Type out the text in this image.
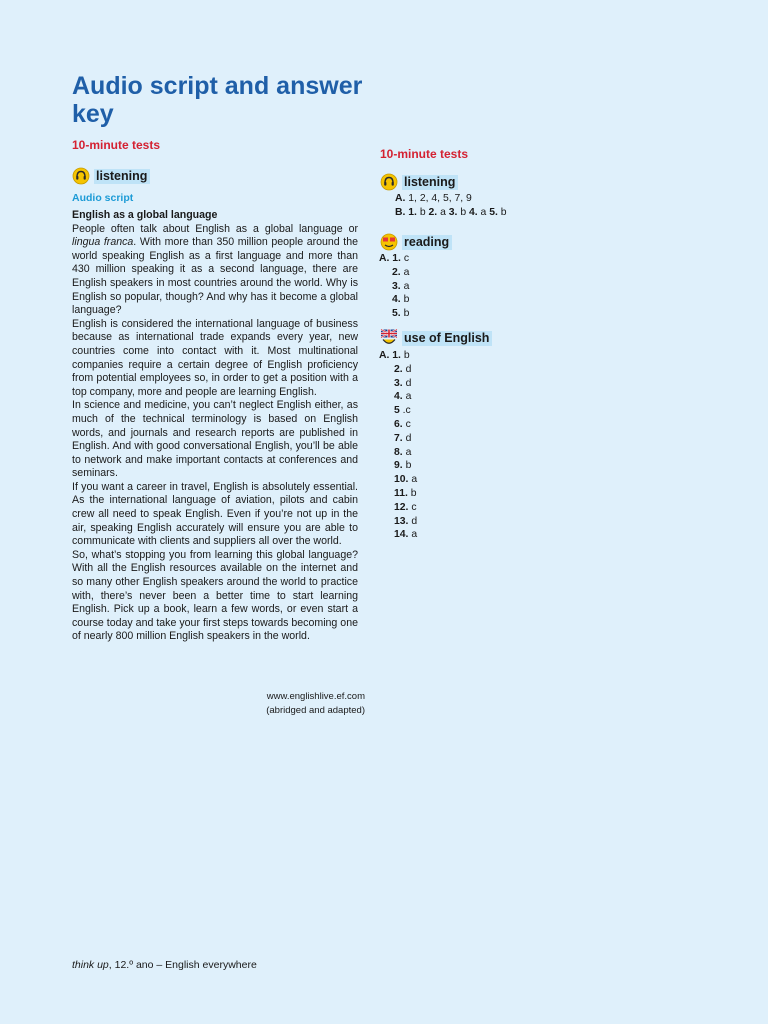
Audio script and answer key
10-minute tests
listening
Audio script

English as a global language

People often talk about English as a global language or lingua franca. With more than 350 million people around the world speaking English as a first language and more than 430 million speaking it as a second language, there are English speakers in most countries around the world. Why is English so popular, though? And why has it become a global language?

English is considered the international language of business because as international trade expands every year, new countries come into contact with it. Most multinational companies require a certain degree of English proficiency from potential employees so, in order to get a position with a top company, more and people are learning English.

In science and medicine, you can’t neglect English either, as much of the technical terminology is based on English words, and journals and research reports are published in English. And with good conversational English, you’ll be able to network and make important contacts at conferences and seminars.

If you want a career in travel, English is absolutely essential. As the international language of aviation, pilots and cabin crew all need to speak English. Even if you’re not up in the air, speaking English accurately will ensure you are able to communicate with clients and suppliers all over the world.

So, what’s stopping you from learning this global language? With all the English resources available on the internet and so many other English speakers around the world to practice with, there’s never been a better time to start learning English. Pick up a book, learn a few words, or even start a course today and take your first steps towards becoming one of nearly 800 million English speakers in the world.

www.englishlive.ef.com
(abridged and adapted)
10-minute tests
listening
A. 1, 2, 4, 5, 7, 9
B. 1. b 2. a 3. b 4. a 5. b
reading
A. 1. c
2. a
3. a
4. b
5. b
use of English
A. 1. b
2. d
3. d
4. a
5 .c
6. c
7. d
8. a
9. b
10. a
11. b
12. c
13. d
14. a
think up, 12.º ano – English everywhere
